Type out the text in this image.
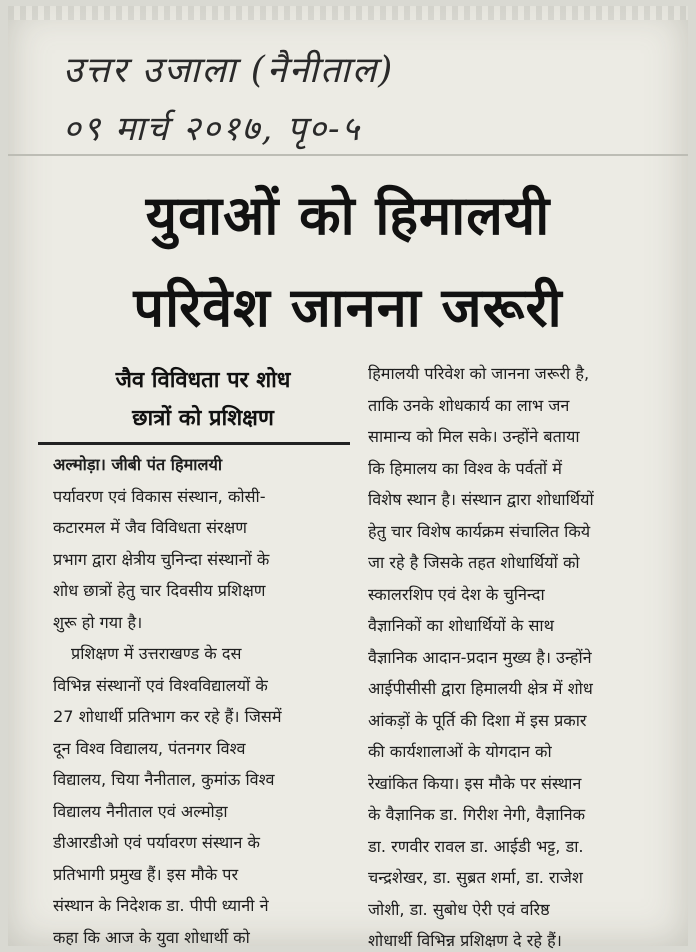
उत्तर उजाला (नैनीताल)
०९ मार्च २०१७, पृ०-५
युवाओं को हिमालयी
परिवेश जानना जरूरी
जैव विविधता पर शोध
छात्रों को प्रशिक्षण
अल्मोड़ा। जीबी पंत हिमालयी
पर्यावरण एवं विकास संस्थान, कोसी-
कटारमल में जैव विविधता संरक्षण
प्रभाग द्वारा क्षेत्रीय चुनिन्दा संस्थानों के
शोध छात्रों हेतु चार दिवसीय प्रशिक्षण
शुरू हो गया है।
प्रशिक्षण में उत्तराखण्ड के दस
विभिन्न संस्थानों एवं विश्वविद्यालयों के
27 शोधार्थी प्रतिभाग कर रहे हैं। जिसमें
दून विश्व विद्यालय, पंतनगर विश्व
विद्यालय, चिया नैनीताल, कुमांऊ विश्व
विद्यालय नैनीताल एवं अल्मोड़ा
डीआरडीओ एवं पर्यावरण संस्थान के
प्रतिभागी प्रमुख हैं। इस मौके पर
संस्थान के निदेशक डा. पीपी ध्यानी ने
कहा कि आज के युवा शोधार्थी को
हिमालयी परिवेश को जानना जरूरी है,
ताकि उनके शोधकार्य का लाभ जन
सामान्य को मिल सके। उन्होंने बताया
कि हिमालय का विश्व के पर्वतों में
विशेष स्थान है। संस्थान द्वारा शोधार्थियों
हेतु चार विशेष कार्यक्रम संचालित किये
जा रहे है जिसके तहत शोधार्थियों को
स्कालरशिप एवं देश के चुनिन्दा
वैज्ञानिकों का शोधार्थियों के साथ
वैज्ञानिक आदान-प्रदान मुख्य है। उन्होंने
आईपीसीसी द्वारा हिमालयी क्षेत्र में शोध
आंकड़ों के पूर्ति की दिशा में इस प्रकार
की कार्यशालाओं के योगदान को
रेखांकित किया। इस मौके पर संस्थान
के वैज्ञानिक डा. गिरीश नेगी, वैज्ञानिक
डा. रणवीर रावल डा. आईडी भट्ट, डा.
चन्द्रशेखर, डा. सुब्रत शर्मा, डा. राजेश
जोशी, डा. सुबोध ऐरी एवं वरिष्ठ
शोधार्थी विभिन्न प्रशिक्षण दे रहे हैं।
